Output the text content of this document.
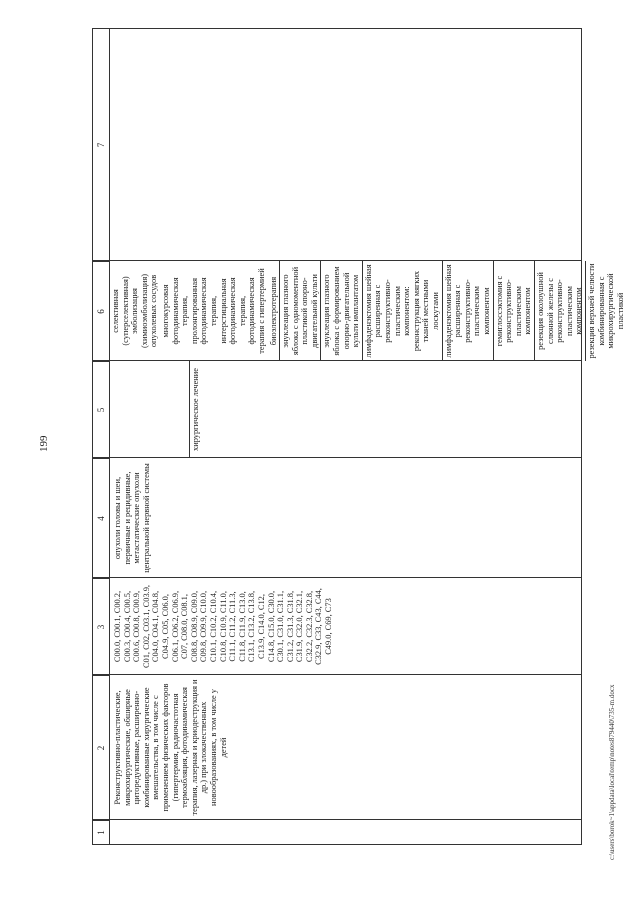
199
c:\users\borok~1\appdata\local\temp\notes879440\735-m.docx
1
2
3
4
5
6
7
Реконструктивно-пластические, микрохирургические, обширные циторедуктивные, расширенно-комбинированные хирургические вмешательства, в том числе с применением физических факторов (гипертермия, радиочастотная термоабляция, фотодинамическая терапия, лазерная и криодеструкция и др.) при злокачественных новообразованиях, в том числе у детей
C00.0, C00.1, C00.2, C00.3, C00.4, C00.5, C00.6, C00.8, C00.9, C01, C02, C03.1, C03.9, C04.0, C04.1, C04.8, C04.9, C05, C06.0, C06.1, C06.2, C06.9, C07, C08.0, C08.1, C08.8, C08.9, C09.0, C09.8, C09.9, C10.0, C10.1, C10.2, C10.4, C10.8, C10.9, C11.0, C11.1, C11.2, C11.3, C11.8, C11.9, C13.0, C13.1, C13.2, C13.8, C13.9, C14.0, C12, C14.8, C15.0, C30.0, C30.1, C31.0, C31.1, C31.2, C31.3, C31.8, C31.9, C32.0, C32.1, C32.2, C32.3, C32.8, C32.9, C33, C43, C44, C49.0, C69, C73
опухоли головы и шеи, первичные и рецидивные, метастатические опухоли центральной нервной системы
хирургическое лечение
селективная (суперселективная) эмболизация (химиоэмболизация) опухолевых сосудов многокурсовая фотодинамическая терапия, пролонгированная фотодинамическая терапия, интерстициальная фотодинамическая терапия, фотодинамическая терапия с гипертермией биоэлектротерапия энуклеация глазного яблока с одномоментной пластикой опорно-двигательной культи энуклеация глазного яблока с формированием опорно-двигательной культи имплантатом лимфаденэктомия шейная расширенная с реконструктивно-пластическим компонентом: реконструкция мягких тканей местными лоскутами лимфаденэктомия шейная расширенная с реконструктивно-пластическим компонентом гемиглоссэктомия с реконструктивно-пластическим компонентом резекция околоушной слюнной железы с реконструктивно-пластическим компонентом резекция верхней челюсти комбинированная с микрохирургической пластикой
